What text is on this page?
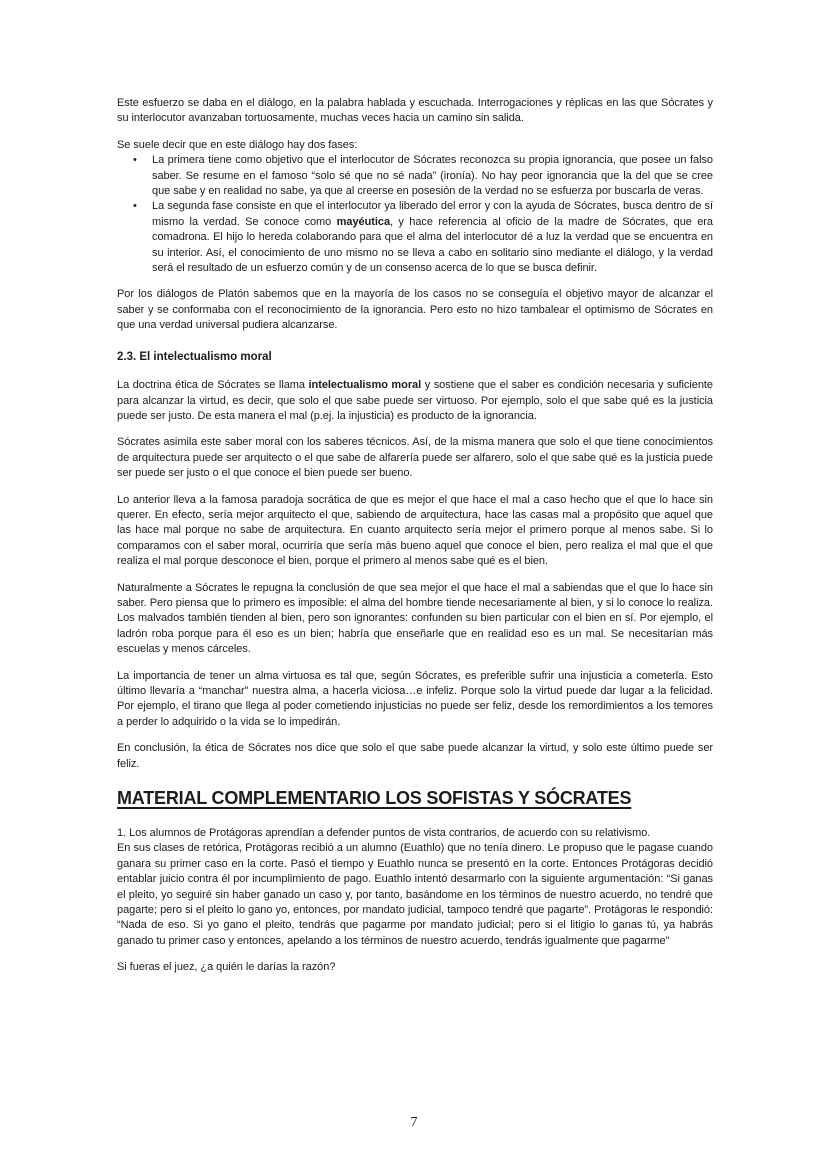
Este esfuerzo se daba en el diálogo, en la palabra hablada y escuchada. Interrogaciones y réplicas en las que Sócrates y su interlocutor avanzaban tortuosamente, muchas veces hacia un camino sin salida.

Se suele decir que en este diálogo hay dos fases:

• La primera tiene como objetivo que el interlocutor de Sócrates reconozca su propia ignorancia, que posee un falso saber. Se resume en el famoso “solo sé que no sé nada” (ironía). No hay peor ignorancia que la del que se cree que sabe y en realidad no sabe, ya que al creerse en posesión de la verdad no se esfuerza por buscarla de veras.
• La segunda fase consiste en que el interlocutor ya liberado del error y con la ayuda de Sócrates, busca dentro de sí mismo la verdad. Se conoce como mayéutica, y hace referencia al oficio de la madre de Sócrates, que era comadrona. El hijo lo hereda colaborando para que el alma del interlocutor dé a luz la verdad que se encuentra en su interior. Así, el conocimiento de uno mismo no se lleva a cabo en solitario sino mediante el diálogo, y la verdad será el resultado de un esfuerzo común y de un consenso acerca de lo que se busca definir.

Por los diálogos de Platón sabemos que en la mayoría de los casos no se conseguía el objetivo mayor de alcanzar el saber y se conformaba con el reconocimiento de la ignorancia. Pero esto no hizo tambalear el optimismo de Sócrates en que una verdad universal pudiera alcanzarse.

2.3. El intelectualismo moral

La doctrina ética de Sócrates se llama intelectualismo moral y sostiene que el saber es condición necesaria y suficiente para alcanzar la virtud, es decir, que solo el que sabe puede ser virtuoso. Por ejemplo, solo el que sabe qué es la justicia puede ser justo. De esta manera el mal (p.ej. la injusticia) es producto de la ignorancia.

Sócrates asimila este saber moral con los saberes técnicos. Así, de la misma manera que solo el que tiene conocimientos de arquitectura puede ser arquitecto o el que sabe de alfarería puede ser alfarero, solo el que sabe qué es la justicia puede ser puede ser justo o el que conoce el bien puede ser bueno.

Lo anterior lleva a la famosa paradoja socrática de que es mejor el que hace el mal a caso hecho que el que lo hace sin querer. En efecto, sería mejor arquitecto el que, sabiendo de arquitectura, hace las casas mal a propósito que aquel que las hace mal porque no sabe de arquitectura. En cuanto arquitecto sería mejor el primero porque al menos sabe. Si lo comparamos con el saber moral, ocurriría que sería más bueno aquel que conoce el bien, pero realiza el mal que el que realiza el mal porque desconoce el bien, porque el primero al menos sabe qué es el bien.

Naturalmente a Sócrates le repugna la conclusión de que sea mejor el que hace el mal a sabiendas que el que lo hace sin saber. Pero piensa que lo primero es imposible: el alma del hombre tiende necesariamente al bien, y si lo conoce lo realiza. Los malvados también tienden al bien, pero son ignorantes: confunden su bien particular con el bien en sí. Por ejemplo, el ladrón roba porque para él eso es un bien; habría que enseñarle que en realidad eso es un mal. Se necesitarían más escuelas y menos cárceles.

La importancia de tener un alma virtuosa es tal que, según Sócrates, es preferible sufrir una injusticia a cometerla. Esto último llevaría a “manchar” nuestra alma, a hacerla viciosa…e infeliz. Porque solo la virtud puede dar lugar a la felicidad. Por ejemplo, el tirano que llega al poder cometiendo injusticias no puede ser feliz, desde los remordimientos a los temores a perder lo adquirido o la vida se lo impedirán.

En conclusión, la ética de Sócrates nos dice que solo el que sabe puede alcanzar la virtud, y solo este último puede ser feliz.

MATERIAL COMPLEMENTARIO LOS SOFISTAS Y SÓCRATES

1. Los alumnos de Protágoras aprendían a defender puntos de vista contrarios, de acuerdo con su relativismo.
En sus clases de retórica, Protágoras recibió a un alumno (Euathlo) que no tenía dinero. Le propuso que le pagase cuando ganara su primer caso en la corte. Pasó el tiempo y Euathlo nunca se presentó en la corte. Entonces Protágoras decidió entablar juicio contra él por incumplimiento de pago. Euathlo intentó desarmarlo con la siguiente argumentación: “Si ganas el pleito, yo seguiré sin haber ganado un caso y, por tanto, basándome en los términos de nuestro acuerdo, no tendré que pagarte; pero si el pleito lo gano yo, entonces, por mandato judicial, tampoco tendré que pagarte”. Protágoras le respondió: “Nada de eso. Si yo gano el pleito, tendrás que pagarme por mandato judicial; pero si el litigio lo ganas tú, ya habrás ganado tu primer caso y entonces, apelando a los términos de nuestro acuerdo, tendrás igualmente que pagarme”

Si fueras el juez, ¿a quién le darías la razón?

7
